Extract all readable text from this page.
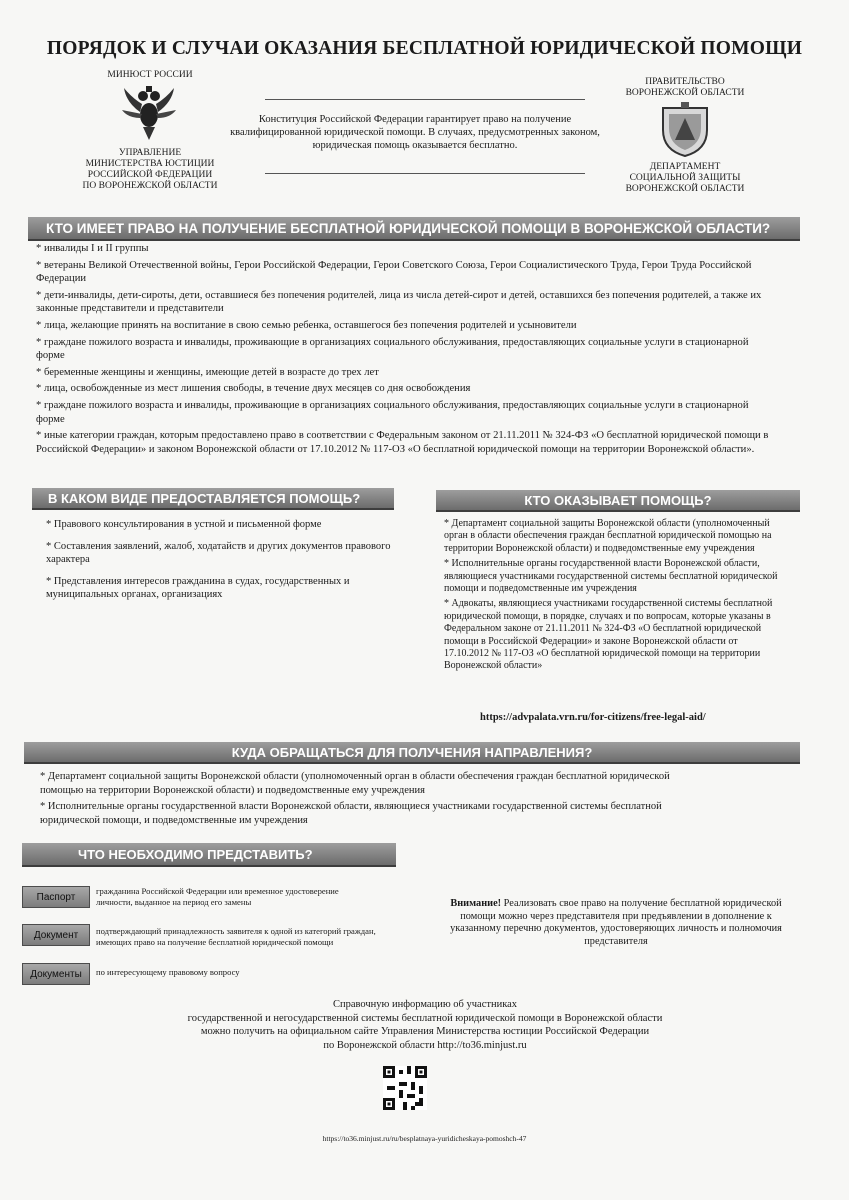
ПОРЯДОК И СЛУЧАИ ОКАЗАНИЯ БЕСПЛАТНОЙ ЮРИДИЧЕСКОЙ ПОМОЩИ
МИНЮСТ РОССИИ
УПРАВЛЕНИЕ
МИНИСТЕРСТВА ЮСТИЦИИ
РОССИЙСКОЙ ФЕДЕРАЦИИ
ПО ВОРОНЕЖСКОЙ ОБЛАСТИ
ПРАВИТЕЛЬСТВО
ВОРОНЕЖСКОЙ ОБЛАСТИ
ДЕПАРТАМЕНТ
СОЦИАЛЬНОЙ ЗАЩИТЫ
ВОРОНЕЖСКОЙ ОБЛАСТИ
Конституция Российской Федерации гарантирует право на получение квалифицированной юридической помощи. В случаях, предусмотренных законом, юридическая помощь оказывается бесплатно.
КТО ИМЕЕТ ПРАВО НА ПОЛУЧЕНИЕ БЕСПЛАТНОЙ ЮРИДИЧЕСКОЙ ПОМОЩИ В ВОРОНЕЖСКОЙ ОБЛАСТИ?
* инвалиды I и II группы
* ветераны Великой Отечественной войны, Герои Российской Федерации, Герои Советского Союза, Герои Социалистического Труда, Герои Труда Российской Федерации
* дети-инвалиды, дети-сироты, дети, оставшиеся без попечения родителей, лица из числа детей-сирот и детей, оставшихся без попечения родителей, а также их законные представители и представители
* лица, желающие принять на воспитание в свою семью ребенка, оставшегося без попечения родителей и усыновители
* граждане пожилого возраста и инвалиды, проживающие в организациях социального обслуживания, предоставляющих социальные услуги в стационарной форме
* беременные женщины и женщины, имеющие детей в возрасте до трех лет
* лица, освобожденные из мест лишения свободы, в течение двух месяцев со дня освобождения
* граждане пожилого возраста и инвалиды, проживающие в организациях социального обслуживания, предоставляющих социальные услуги в стационарной форме
* иные категории граждан, которым предоставлено право в соответствии с Федеральным законом от 21.11.2011 № 324-ФЗ «О бесплатной юридической помощи в Российской Федерации» и законом Воронежской области от 17.10.2012 № 117-ОЗ «О бесплатной юридической помощи на территории Воронежской области».
В КАКОМ ВИДЕ ПРЕДОСТАВЛЯЕТСЯ ПОМОЩЬ?
* Правового консультирования в устной и письменной форме
* Составления заявлений, жалоб, ходатайств и других документов правового характера
* Представления интересов гражданина в судах, государственных и муниципальных органах, организациях
КТО ОКАЗЫВАЕТ ПОМОЩЬ?
* Департамент социальной защиты Воронежской области (уполномоченный орган в области обеспечения граждан бесплатной юридической помощью на территории Воронежской области) и подведомственные ему учреждения
* Исполнительные органы государственной власти Воронежской области, являющиеся участниками государственной системы бесплатной юридической помощи и подведомственные им учреждения
* Адвокаты, являющиеся участниками государственной системы бесплатной юридической помощи, в порядке, случаях и по вопросам, которые указаны в Федеральном законе от 21.11.2011 № 324-ФЗ «О бесплатной юридической помощи в Российской Федерации» и законе Воронежской области от 17.10.2012 № 117-ОЗ «О бесплатной юридической помощи на территории Воронежской области»
https://advpalata.vrn.ru/for-citizens/free-legal-aid/
КУДА ОБРАЩАТЬСЯ ДЛЯ ПОЛУЧЕНИЯ НАПРАВЛЕНИЯ?
* Департамент социальной защиты Воронежской области (уполномоченный орган в области обеспечения граждан бесплатной юридической помощью на территории Воронежской области) и подведомственные ему учреждения
* Исполнительные органы государственной власти Воронежской области, являющиеся участниками государственной системы бесплатной юридической помощи, и подведомственные им учреждения
ЧТО НЕОБХОДИМО ПРЕДСТАВИТЬ?
Паспорт
гражданина Российской Федерации или временное удостоверение личности, выданное на период его замены
Документ	подтверждающий принадлежность заявителя к одной из категорий граждан, имеющих право на получение бесплатной юридической помощи
Документы	по интересующему правовому вопросу
Внимание! Реализовать свое право на получение бесплатной юридической помощи можно через представителя при предъявлении в дополнение к указанному перечню документов, удостоверяющих личность и полномочия представителя
Справочную информацию об участниках
государственной и негосударственной системы бесплатной юридической помощи в Воронежской области
можно получить на официальном сайте Управления Министерства юстиции Российской Федерации
по Воронежской области http://to36.minjust.ru
https://to36.minjust.ru/ru/besplatnaya-yuridicheskaya-pomoshch-47
